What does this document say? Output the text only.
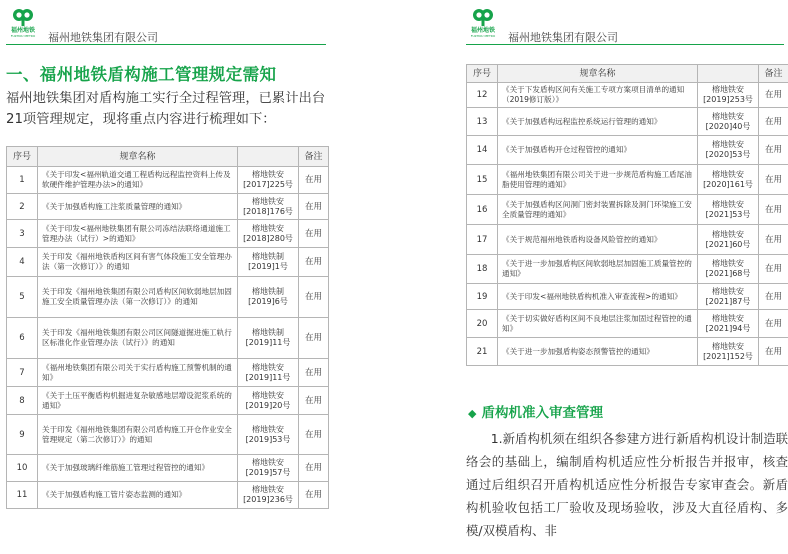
福州地铁
FUZHOU METRO 福州地铁集团有限公司
一、福州地铁盾构施工管理规定需知
福州地铁集团对盾构施工实行全过程管理，已累计出台21项管理规定，现将重点内容进行梳理如下：
序号	规章名称		备注
1	《关于印发<福州轨道交通工程盾构远程监控资料上传及软硬件维护管理办法>的通知》	榕地铁安[2017]225号	在用
2	《关于加强盾构施工注浆质量管理的通知》	榕地铁安[2018]176号	在用
3	《关于印发<福州地铁集团有限公司冻结法联络通道施工管理办法（试行）>的通知》	榕地铁安[2018]280号	在用
4	关于印发《福州地铁盾构区间有害气体段施工安全管理办法（第一次修订）》的通知	榕地铁制[2019]1号	在用
5	关于印发《福州地铁集团有限公司盾构区间软弱地层加固施工安全质量管理办法（第一次修订）》的通知	榕地铁制[2019]6号	在用
6	关于印发《福州地铁集团有限公司区间隧道掘进施工轨行区标准化作业管理办法（试行）》的通知	榕地铁制[2019]11号	在用
7	《福州地铁集团有限公司关于实行盾构施工预警机制的通知》	榕地铁安[2019]11号	在用
8	《关于土压平衡盾构机掘进复杂敏感地层增设泥浆系统的通知》	榕地铁安[2019]20号	在用
9	关于印发《福州地铁集团有限公司盾构施工开仓作业安全管理规定（第二次修订）》的通知	榕地铁安[2019]53号	在用
10	《关于加强玻璃纤维筋施工管理过程管控的通知》	榕地铁安[2019]57号	在用
11	《关于加强盾构施工管片姿态监测的通知》	榕地铁安[2019]236号	在用
福州地铁
FUZHOU METRO 福州地铁集团有限公司
序号	规章名称		备注
12	《关于下发盾构区间有关施工专项方案项目清单的通知（2019修订版）》	榕地铁安[2019]253号	在用
13	《关于加强盾构远程监控系统运行管理的通知》	榕地铁安[2020]40号	在用
14	《关于加强盾构开仓过程管控的通知》	榕地铁安[2020]53号	在用
15	《福州地铁集团有限公司关于进一步规范盾构施工盾尾油脂使用管理的通知》	榕地铁安[2020]161号	在用
16	《关于加强盾构区间洞门密封装置拆除及洞门环梁施工安全质量管理的通知》	榕地铁安[2021]53号	在用
17	《关于规范福州地铁盾构设备风险管控的通知》	榕地铁安[2021]60号	在用
18	《关于进一步加强盾构区间软弱地层加固施工质量管控的通知》	榕地铁安[2021]68号	在用
19	《关于印发<福州地铁盾构机准入审查流程>的通知》	榕地铁安[2021]87号	在用
20	《关于切实做好盾构区间不良地层注浆加固过程管控的通知》	榕地铁安[2021]94号	在用
21	《关于进一步加强盾构姿态预警管控的通知》	榕地铁安[2021]152号	在用
◆ 盾构机准入审查管理
1.新盾构机须在组织各参建方进行新盾构机设计制造联络会的基础上，编制盾构机适应性分析报告并报审，核查通过后组织召开盾构机适应性分析报告专家审查会。新盾构机验收包括工厂验收及现场验收，涉及大直径盾构、多模/双模盾构、非
